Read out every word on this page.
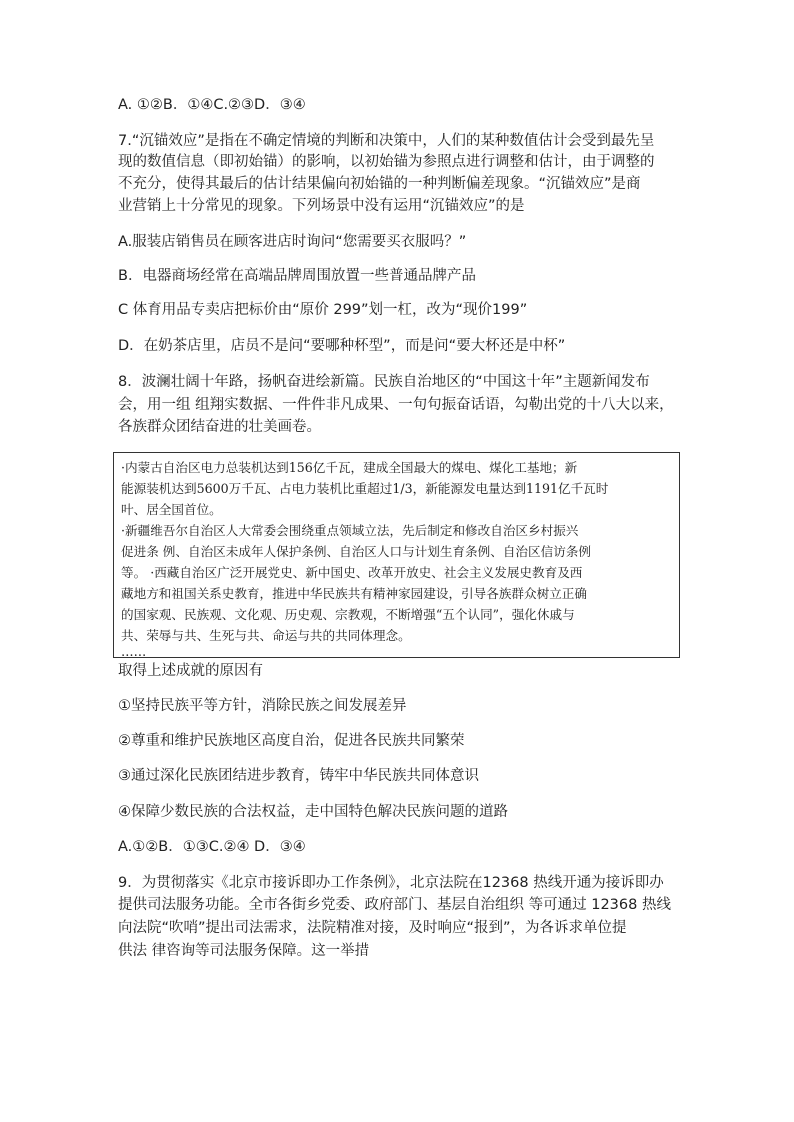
A. ①②B．①④C.②③D．③④
7.“沉锚效应”是指在不确定情境的判断和决策中，人们的某种数值估计会受到最先呈
现的数值信息（即初始锚）的影响，以初始锚为参照点进行调整和估计，由于调整的
不充分，使得其最后的估计结果偏向初始锚的一种判断偏差现象。“沉锚效应”是商
业营销上十分常见的现象。下列场景中没有运用“沉锚效应”的是
A.服装店销售员在顾客进店时询问“您需要买衣服吗？”
B．电器商场经常在高端品牌周围放置一些普通品牌产品
C 体育用品专卖店把标价由“原价 299”划一杠，改为“现价199”
D．在奶茶店里，店员不是问“要哪种杯型”，而是问“要大杯还是中杯”
8．波澜壮阔十年路，扬帆奋进绘新篇。民族自治地区的“中国这十年”主题新闻发布
会，用一组 组翔实数据、一件件非凡成果、一句句振奋话语，勾勒出党的十八大以来，
各族群众团结奋进的壮美画卷。
·内蒙古自治区电力总装机达到156亿千瓦，建成全国最大的煤电、煤化工基地；新
能源装机达到5600万千瓦、占电力装机比重超过1/3，新能源发电量达到1191亿千瓦时
叶、居全国首位。
·新疆维吾尔自治区人大常委会围绕重点领域立法，先后制定和修改自治区乡村振兴
促进条 例、自治区未成年人保护条例、自治区人口与计划生育条例、自治区信访条例
等。 ·西藏自治区广泛开展党史、新中国史、改革开放史、社会主义发展史教育及西
藏地方和祖国关系史教育，推进中华民族共有精神家园建设，引导各族群众树立正确
的国家观、民族观、文化观、历史观、宗教观，不断增强“五个认同”，强化休戚与
共、荣辱与共、生死与共、命运与共的共同体理念。
……
取得上述成就的原因有
①坚持民族平等方针，消除民族之间发展差异
②尊重和维护民族地区高度自治，促进各民族共同繁荣
③通过深化民族团结进步教育，铸牢中华民族共同体意识
④保障少数民族的合法权益，走中国特色解决民族问题的道路
A.①②B．①③C.②④ D．③④
9．为贯彻落实《北京市接诉即办工作条例》，北京法院在12368 热线开通为接诉即办
提供司法服务功能。全市各街乡党委、政府部门、基层自治组织 等可通过 12368 热线
向法院“吹哨”提出司法需求，法院精准对接，及时响应“报到”，为各诉求单位提
供法 律咨询等司法服务保障。这一举措
